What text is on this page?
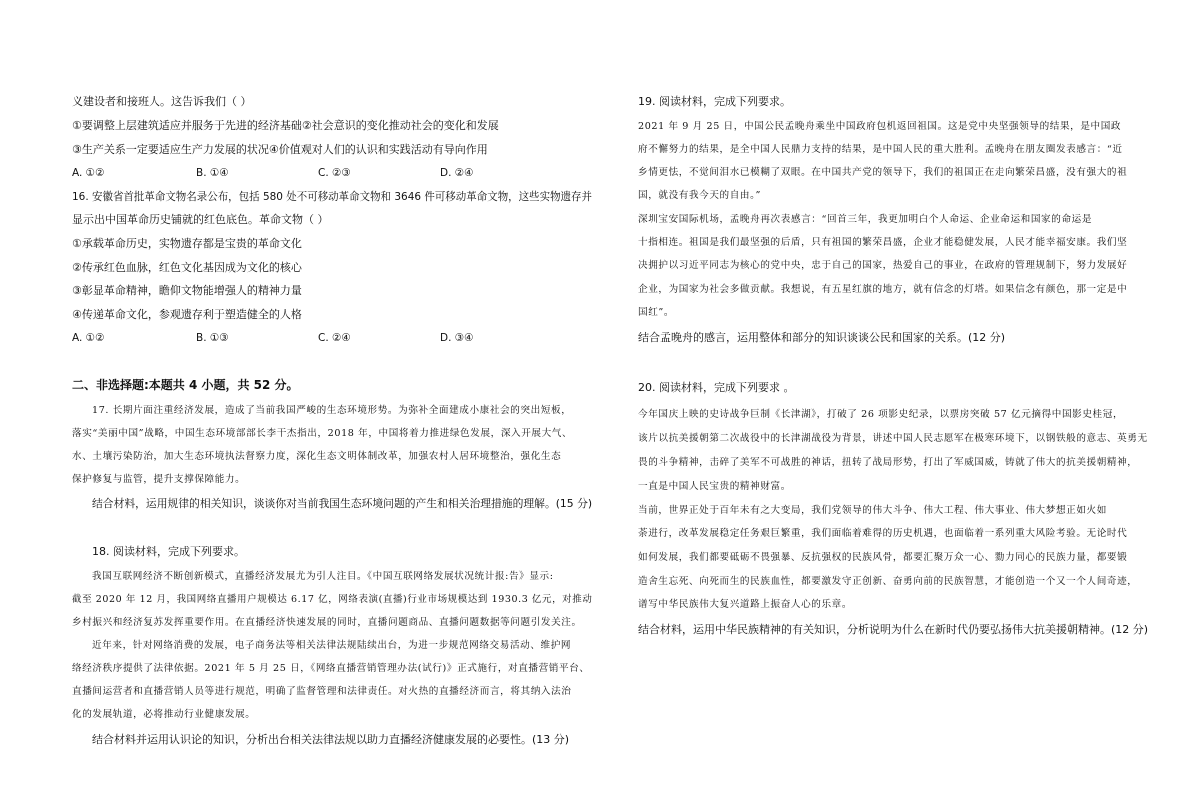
义建设者和接班人。这告诉我们（ ）
①要调整上层建筑适应并服务于先进的经济基础②社会意识的变化推动社会的变化和发展
③生产关系一定要适应生产力发展的状况④价值观对人们的认识和实践活动有导向作用
A. ①②	B. ①④	C. ②③	D. ②④
16. 安徽省首批革命文物名录公布，包括 580 处不可移动革命文物和 3646 件可移动革命文物，这些实物遗存并
显示出中国革命历史铺就的红色底色。革命文物（ ）
①承载革命历史，实物遗存都是宝贵的革命文化
②传承红色血脉，红色文化基因成为文化的核心
③彰显革命精神，瞻仰文物能增强人的精神力量
④传递革命文化，参观遗存利于塑造健全的人格
A. ①②	B. ①③	C. ②④	D. ③④
二、非选择题:本题共 4 小题，共 52 分。
17. 长期片面注重经济发展，造成了当前我国严峻的生态环境形势。为弥补全面建成小康社会的突出短板，
落实“美丽中国”战略，中国生态环境部部长李干杰指出，2018 年，中国将着力推进绿色发展，深入开展大气、
水、土壤污染防治，加大生态环境执法督察力度，深化生态文明体制改革，加强农村人居环境整治，强化生态
保护修复与监管，提升支撑保障能力。
结合材料，运用规律的相关知识，谈谈你对当前我国生态环境问题的产生和相关治理措施的理解。(15 分)
18. 阅读材料，完成下列要求。
我国互联网经济不断创新模式，直播经济发展尤为引人注目。《中国互联网络发展状况统计报:告》显示:
截至 2020 年 12 月，我国网络直播用户规模达 6.17 亿，网络表演(直播)行业市场规模达到 1930.3 亿元，对推动
乡村振兴和经济复苏发挥重要作用。在直播经济快速发展的同时，直播问题商品、直播问题数据等问题引发关注。
近年来，针对网络消费的发展，电子商务法等相关法律法规陆续出台，为进一步规范网络交易活动、维护网
络经济秩序提供了法律依据。2021 年 5 月 25 日，《网络直播营销管理办法(试行)》正式施行，对直播营销平台、
直播间运营者和直播营销人员等进行规范，明确了监督管理和法律责任。对火热的直播经济而言，将其纳入法治
化的发展轨道，必将推动行业健康发展。
结合材料并运用认识论的知识，分析出台相关法律法规以助力直播经济健康发展的必要性。(13 分)
19. 阅读材料，完成下列要求。
2021 年 9 月 25 日，中国公民孟晚舟乘坐中国政府包机返回祖国。这是党中央坚强领导的结果，是中国政
府不懈努力的结果，是全中国人民鼎力支持的结果，是中国人民的重大胜利。孟晚舟在朋友圈发表感言：“近
乡情更怯，不觉间泪水已模糊了双眼。在中国共产党的领导下，我们的祖国正在走向繁荣昌盛，没有强大的祖
国，就没有我今天的自由。”
深圳宝安国际机场，孟晚舟再次表感言：“回首三年，我更加明白个人命运、企业命运和国家的命运是
十指相连。祖国是我们最坚强的后盾，只有祖国的繁荣昌盛，企业才能稳健发展，人民才能幸福安康。我们坚
决拥护以习近平同志为核心的党中央，忠于自己的国家，热爱自己的事业，在政府的管理规制下，努力发展好
企业，为国家为社会多做贡献。我想说，有五星红旗的地方，就有信念的灯塔。如果信念有颜色，那一定是中
国红”。
结合孟晚舟的感言，运用整体和部分的知识谈谈公民和国家的关系。(12 分)
20. 阅读材料，完成下列要求 。
今年国庆上映的史诗战争巨制《长津湖》，打破了 26 项影史纪录，以票房突破 57 亿元摘得中国影史桂冠，
该片以抗美援朝第二次战役中的长津湖战役为背景，讲述中国人民志愿军在极寒环境下，以钢铁般的意志、英勇无
畏的斗争精神，击碎了美军不可战胜的神话，扭转了战局形势，打出了军威国威，铸就了伟大的抗美援朝精神，
一直是中国人民宝贵的精神财富。
当前，世界正处于百年未有之大变局，我们党领导的伟大斗争、伟大工程、伟大事业、伟大梦想正如火如
荼进行，改革发展稳定任务艰巨繁重，我们面临着难得的历史机遇，也面临着一系列重大风险考验。无论时代
如何发展，我们都要砥砺不畏强暴、反抗强权的民族风骨，都要汇聚万众一心、勠力同心的民族力量，都要锻
造舍生忘死、向死而生的民族血性，都要激发守正创新、奋勇向前的民族智慧，才能创造一个又一个人间奇迹，
谱写中华民族伟大复兴道路上振奋人心的乐章。
结合材料，运用中华民族精神的有关知识，分析说明为什么在新时代仍要弘扬伟大抗美援朝精神。(12 分)
